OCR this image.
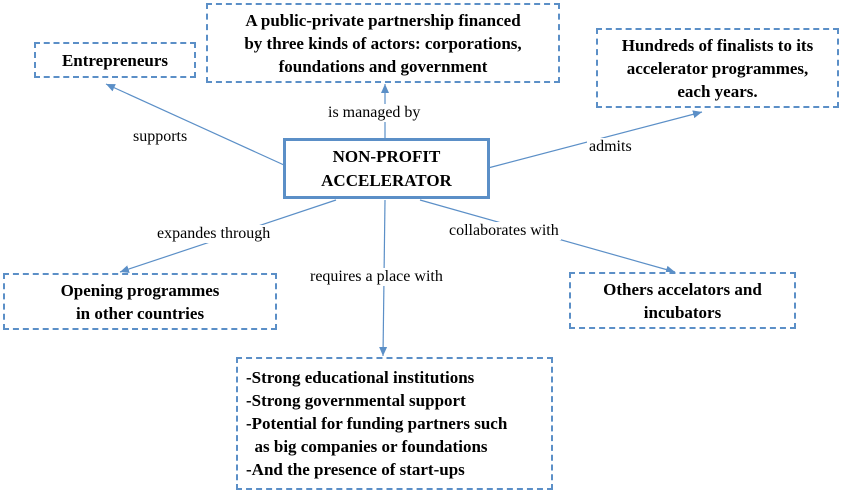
NON-PROFIT
ACCELERATOR
A public-private partnership financed
by three kinds of actors: corporations,
foundations and government
Entrepreneurs
Hundreds of finalists to its
accelerator programmes,
each years.
Opening programmes
in other countries
Others accelators and
incubators
-Strong educational institutions
-Strong governmental support
-Potential for funding partners such
as big companies or foundations
-And the presence of start-ups
is managed by
supports
admits
expandes through	collaborates with
requires a place with
